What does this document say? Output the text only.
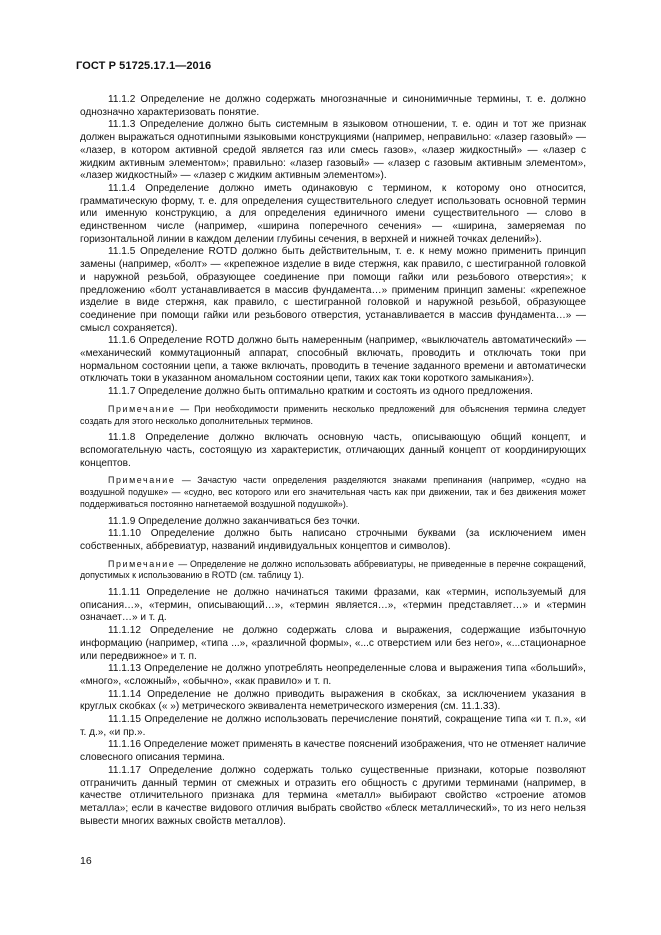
ГОСТ Р 51725.17.1—2016

11.1.2 Определение не должно содержать многозначные и синонимичные термины, т. е. должно однозначно характеризовать понятие.

11.1.3 Определение должно быть системным в языковом отношении, т. е. один и тот же признак должен выражаться однотипными языковыми конструкциями (например, неправильно: «лазер газовый» — «лазер, в котором активной средой является газ или смесь газов», «лазер жидкостный» — «лазер с жидким активным элементом»; правильно: «лазер газовый» — «лазер с газовым активным элементом», «лазер жидкостный» — «лазер с жидким активным элементом»).

11.1.4 Определение должно иметь одинаковую с термином, к которому оно относится, грамматическую форму, т. е. для определения существительного следует использовать основной термин или именную конструкцию, а для определения единичного имени существительного — слово в единственном числе (например, «ширина поперечного сечения» — «ширина, замеряемая по горизонтальной линии в каждом делении глубины сечения, в верхней и нижней точках делений»).

11.1.5 Определение ROTD должно быть действительным, т. е. к нему можно применить принцип замены (например, «болт» — «крепежное изделие в виде стержня, как правило, с шестигранной головкой и наружной резьбой, образующее соединение при помощи гайки или резьбового отверстия»; к предложению «болт устанавливается в массив фундамента…» применим принцип замены: «крепежное изделие в виде стержня, как правило, с шестигранной головкой и наружной резьбой, образующее соединение при помощи гайки или резьбового отверстия, устанавливается в массив фундамента…» — смысл сохраняется).

11.1.6 Определение ROTD должно быть намеренным (например, «выключатель автоматический» — «механический коммутационный аппарат, способный включать, проводить и отключать токи при нормальном состоянии цепи, а также включать, проводить в течение заданного времени и автоматически отключать токи в указанном аномальном состоянии цепи, таких как токи короткого замыкания»).

11.1.7 Определение должно быть оптимально кратким и состоять из одного предложения.

Примечание — При необходимости применить несколько предложений для объяснения термина следует создать для этого несколько дополнительных терминов.

11.1.8 Определение должно включать основную часть, описывающую общий концепт, и вспомогательную часть, состоящую из характеристик, отличающих данный концепт от координирующих концептов.

Примечание — Зачастую части определения разделяются знаками препинания (например, «судно на воздушной подушке» — «судно, вес которого или его значительная часть как при движении, так и без движения может поддерживаться постоянно нагнетаемой воздушной подушкой»).

11.1.9 Определение должно заканчиваться без точки.

11.1.10 Определение должно быть написано строчными буквами (за исключением имен собственных, аббревиатур, названий индивидуальных концептов и символов).

Примечание — Определение не должно использовать аббревиатуры, не приведенные в перечне сокращений, допустимых к использованию в ROTD (см. таблицу 1).

11.1.11 Определение не должно начинаться такими фразами, как «термин, используемый для описания…», «термин, описывающий…», «термин является…», «термин представляет…» и «термин означает…» и т. д.

11.1.12 Определение не должно содержать слова и выражения, содержащие избыточную информацию (например, «типа ...», «различной формы», «...с отверстием или без него», «...стационарное или передвижное» и т. п.

11.1.13 Определение не должно употреблять неопределенные слова и выражения типа «больший», «много», «сложный», «обычно», «как правило» и т. п.

11.1.14 Определение не должно приводить выражения в скобках, за исключением указания в круглых скобках (« ») метрического эквивалента неметрического измерения (см. 11.1.33).

11.1.15 Определение не должно использовать перечисление понятий, сокращение типа «и т. п.», «и т. д.», «и пр.».

11.1.16 Определение может применять в качестве пояснений изображения, что не отменяет наличие словесного описания термина.

11.1.17 Определение должно содержать только существенные признаки, которые позволяют отграничить данный термин от смежных и отразить его общность с другими терминами (например, в качестве отличительного признака для термина «металл» выбирают свойство «строение атомов металла»; если в качестве видового отличия выбрать свойство «блеск металлический», то из него нельзя вывести многих важных свойств металлов).

16
